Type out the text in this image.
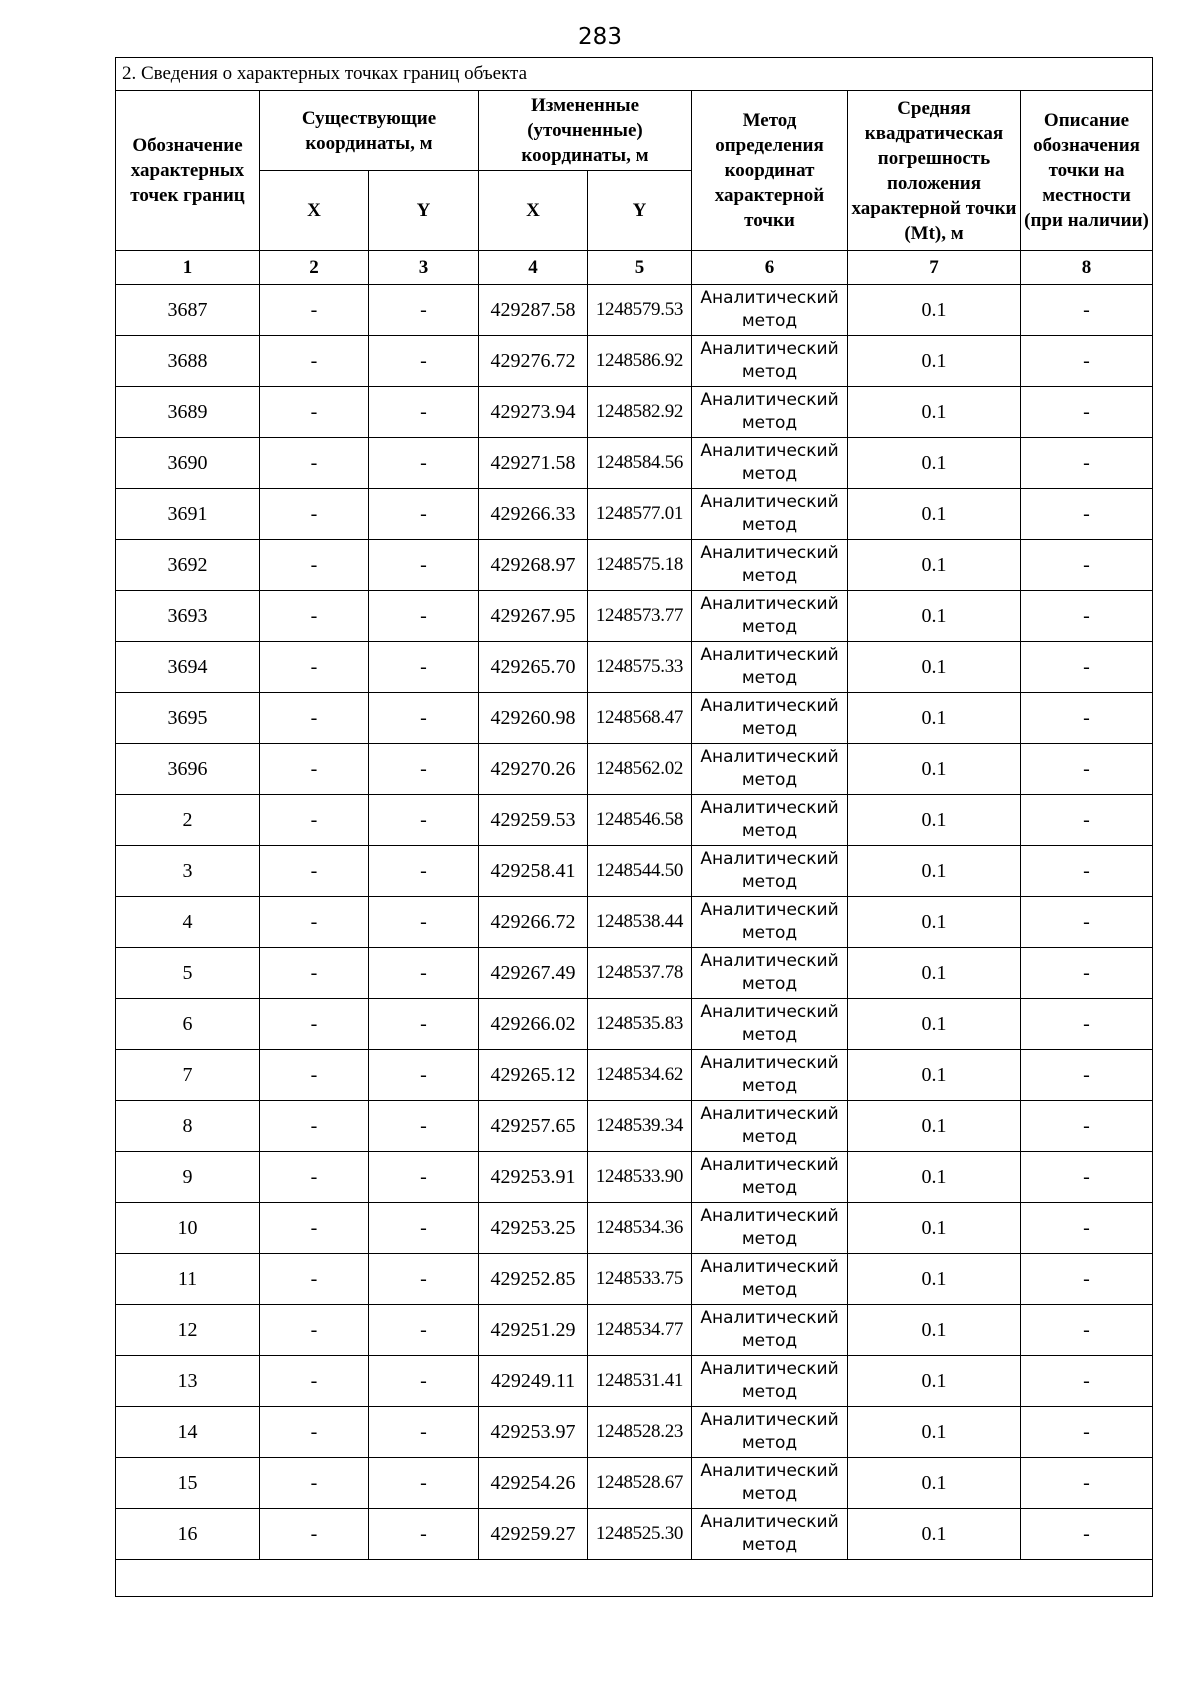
283
2. Сведения о характерных точках границ объекта							
Обозначение характерных точек границ	Существующие координаты, м		Измененные (уточненные) координаты, м		Метод определения координат характерной точки	Средняя квадратическая погрешность положения характерной точки (Mt), м	Описание обозначения точки на местности (при наличии)
	X	Y	X	Y			
1	2	3	4	5	6	7	8
3687	-	-	429287.58	1248579.53	Аналитический метод	0.1	-
3688	-	-	429276.72	1248586.92	Аналитический метод	0.1	-
3689	-	-	429273.94	1248582.92	Аналитический метод	0.1	-
3690	-	-	429271.58	1248584.56	Аналитический метод	0.1	-
3691	-	-	429266.33	1248577.01	Аналитический метод	0.1	-
3692	-	-	429268.97	1248575.18	Аналитический метод	0.1	-
3693	-	-	429267.95	1248573.77	Аналитический метод	0.1	-
3694	-	-	429265.70	1248575.33	Аналитический метод	0.1	-
3695	-	-	429260.98	1248568.47	Аналитический метод	0.1	-
3696	-	-	429270.26	1248562.02	Аналитический метод	0.1	-
2	-	-	429259.53	1248546.58	Аналитический метод	0.1	-
3	-	-	429258.41	1248544.50	Аналитический метод	0.1	-
4	-	-	429266.72	1248538.44	Аналитический метод	0.1	-
5	-	-	429267.49	1248537.78	Аналитический метод	0.1	-
6	-	-	429266.02	1248535.83	Аналитический метод	0.1	-
7	-	-	429265.12	1248534.62	Аналитический метод	0.1	-
8	-	-	429257.65	1248539.34	Аналитический метод	0.1	-
9	-	-	429253.91	1248533.90	Аналитический метод	0.1	-
10	-	-	429253.25	1248534.36	Аналитический метод	0.1	-
11	-	-	429252.85	1248533.75	Аналитический метод	0.1	-
12	-	-	429251.29	1248534.77	Аналитический метод	0.1	-
13	-	-	429249.11	1248531.41	Аналитический метод	0.1	-
14	-	-	429253.97	1248528.23	Аналитический метод	0.1	-
15	-	-	429254.26	1248528.67	Аналитический метод	0.1	-
16	-	-	429259.27	1248525.30	Аналитический метод	0.1	-
